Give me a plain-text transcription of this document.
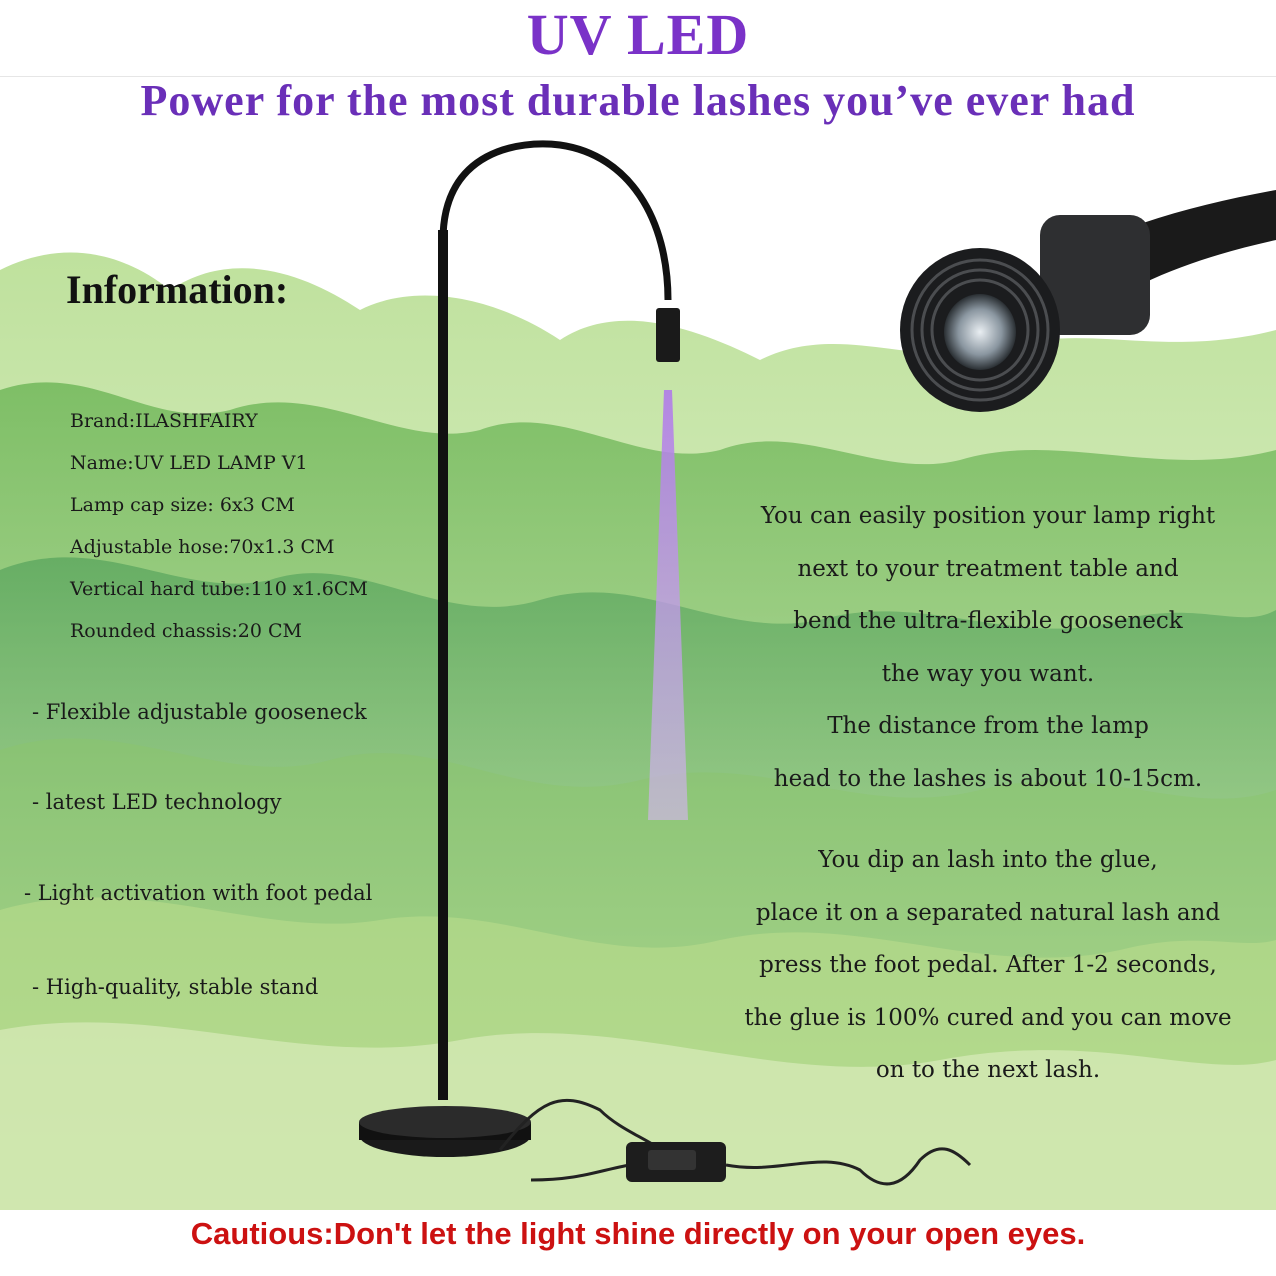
UV LED
Power for the most durable lashes you’ve ever had
Information:
Brand:ILASHFAIRY
Name:UV LED LAMP V1
Lamp cap size: 6x3 CM
Adjustable hose:70x1.3 CM
Vertical hard tube:110 x1.6CM
Rounded chassis:20 CM
- Flexible adjustable gooseneck
- latest LED technology
- Light activation with foot pedal
- High-quality, stable stand
You can easily position your lamp right
next to your treatment table and
bend the ultra-flexible gooseneck
the way you want.
The distance from the lamp
head to the lashes is about 10-15cm.
You dip an lash into the glue,
place it on a separated natural lash and
press the foot pedal. After 1-2 seconds,
the glue is 100% cured and you can move
on to the next lash.
Cautious:Don't let the light shine directly on your open eyes.
